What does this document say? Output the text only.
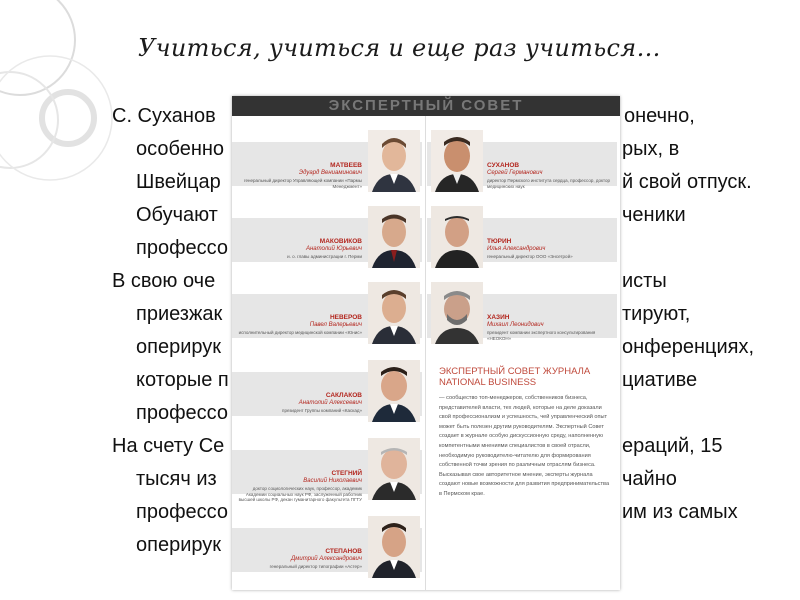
Учиться, учиться и еще раз учиться…
С. Суханов
особенно
Швейцар
Обучают
профессо
В свою оче
приезжак
оперирук
которые п
профессо
На счету Се
тысяч из
профессо
оперирук
онечно,
рых, в
й свой отпуск.
ченики
исты
тируют,
онференциях,
циативе
ераций, 15
чайно
им из самых
ЭКСПЕРТНЫЙ СОВЕТ
МАТВЕЕВ
Эдуард Вениаминович
генеральный директор Управляющей компании «Пармы Менеджмент»
СУХАНОВ
Сергей Германович
директор Пермского института сердца, профессор, доктор медицинских наук
МАКОВИКОВ
Анатолий Юрьевич
и. о. главы администрации г. Перми
ТЮРИН
Илья Александрович
генеральный директор ООО «Энсетрой»
НЕВЕРОВ
Павел Валерьевич
исполнительный директор медицинской компании «Юнис»
ХАЗИН
Михаил Леонидович
президент компании экспертного консультирования «НЕОКОН»
САКЛАКОВ
Анатолий Алексеевич
президент Группы компаний «Каскад»
СТЕГНИЙ
Василий Николаевич
доктор социологических наук, профессор, академик Академии социальных наук РФ, заслуженный работник высшей школы РФ, декан гуманитарного факультета ПГТУ
СТЕПАНОВ
Дмитрий Александрович
генеральный директор типографии «Астер»
ЭКСПЕРТНЫЙ СОВЕТ ЖУРНАЛА NATIONAL BUSINESS
— сообщество топ-менеджеров, собственников бизнеса, представителей власти, тех людей, которые на деле доказали свой профессионализм и успешность, чей управленческий опыт может быть полезен другим руководителям. Экспертный Совет создает в журнале особую дискуссионную среду, наполненную компетентными мнениями специалистов в своей отрасли, необходимую руководителю-читателю для формирования собственной точки зрения по различным отраслям бизнеса. Высказывая свое авторитетное мнение, эксперты журнала создают новые возможности для развития предпринимательства в Пермском крае.
